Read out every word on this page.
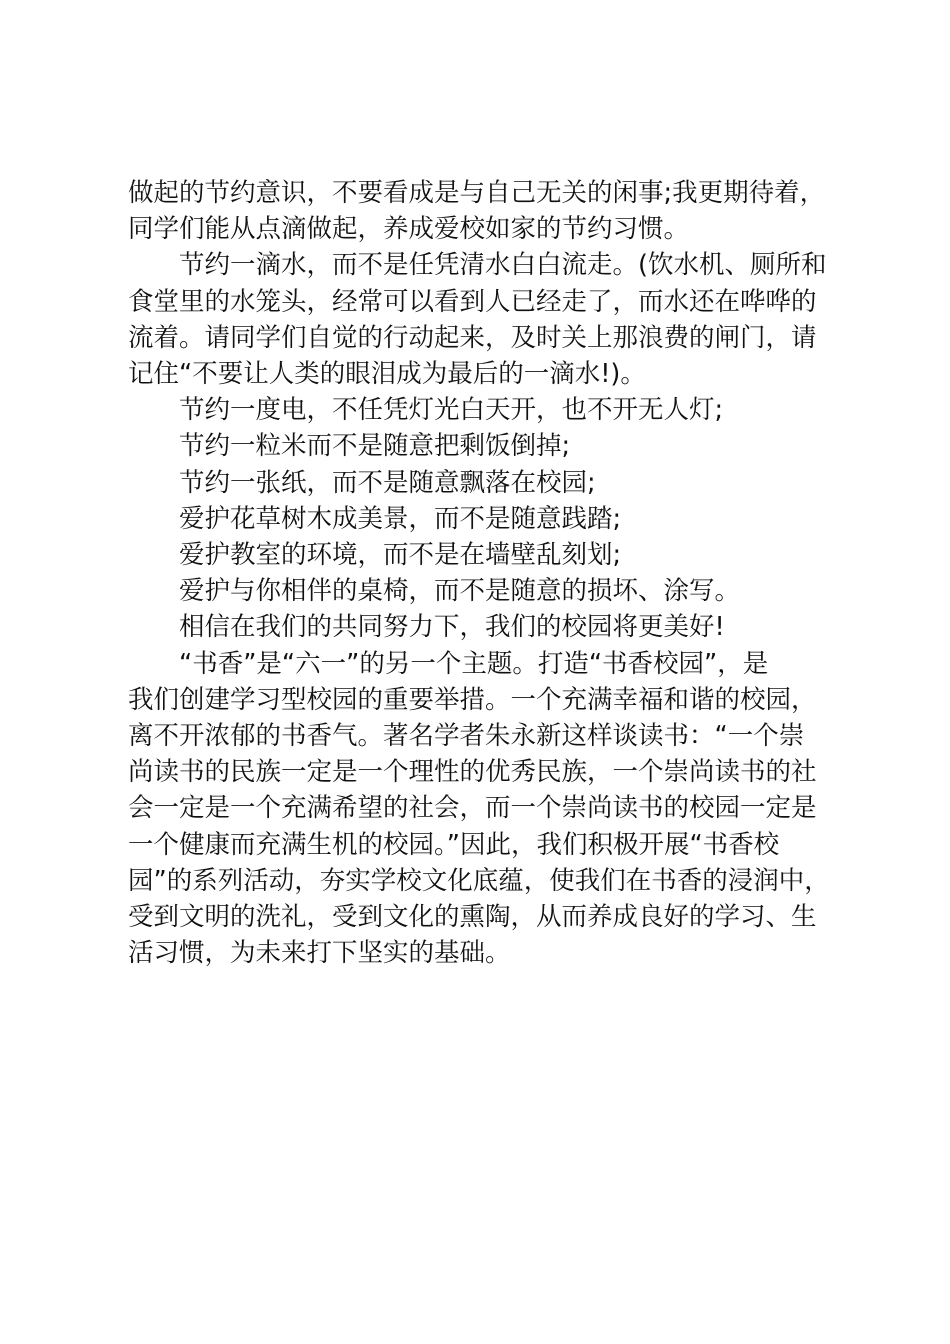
做起的节约意识，不要看成是与自己无关的闲事;我更期待着，
同学们能从点滴做起，养成爱校如家的节约习惯。
节约一滴水，而不是任凭清水白白流走。(饮水机、厕所和
食堂里的水笼头，经常可以看到人已经走了，而水还在哗哗的
流着。请同学们自觉的行动起来，及时关上那浪费的闸门，请
记住“不要让人类的眼泪成为最后的一滴水!)。
节约一度电，不任凭灯光白天开，也不开无人灯;
节约一粒米而不是随意把剩饭倒掉;
节约一张纸，而不是随意飘落在校园;
爱护花草树木成美景，而不是随意践踏;
爱护教室的环境，而不是在墙壁乱刻划;
爱护与你相伴的桌椅，而不是随意的损坏、涂写。
相信在我们的共同努力下，我们的校园将更美好!
“书香”是“六一”的另一个主题。打造“书香校园”，是
我们创建学习型校园的重要举措。一个充满幸福和谐的校园，
离不开浓郁的书香气。著名学者朱永新这样谈读书：“一个崇
尚读书的民族一定是一个理性的优秀民族，一个崇尚读书的社
会一定是一个充满希望的社会，而一个崇尚读书的校园一定是
一个健康而充满生机的校园。”因此，我们积极开展“书香校
园”的系列活动，夯实学校文化底蕴，使我们在书香的浸润中，
受到文明的洗礼，受到文化的熏陶，从而养成良好的学习、生
活习惯，为未来打下坚实的基础。
